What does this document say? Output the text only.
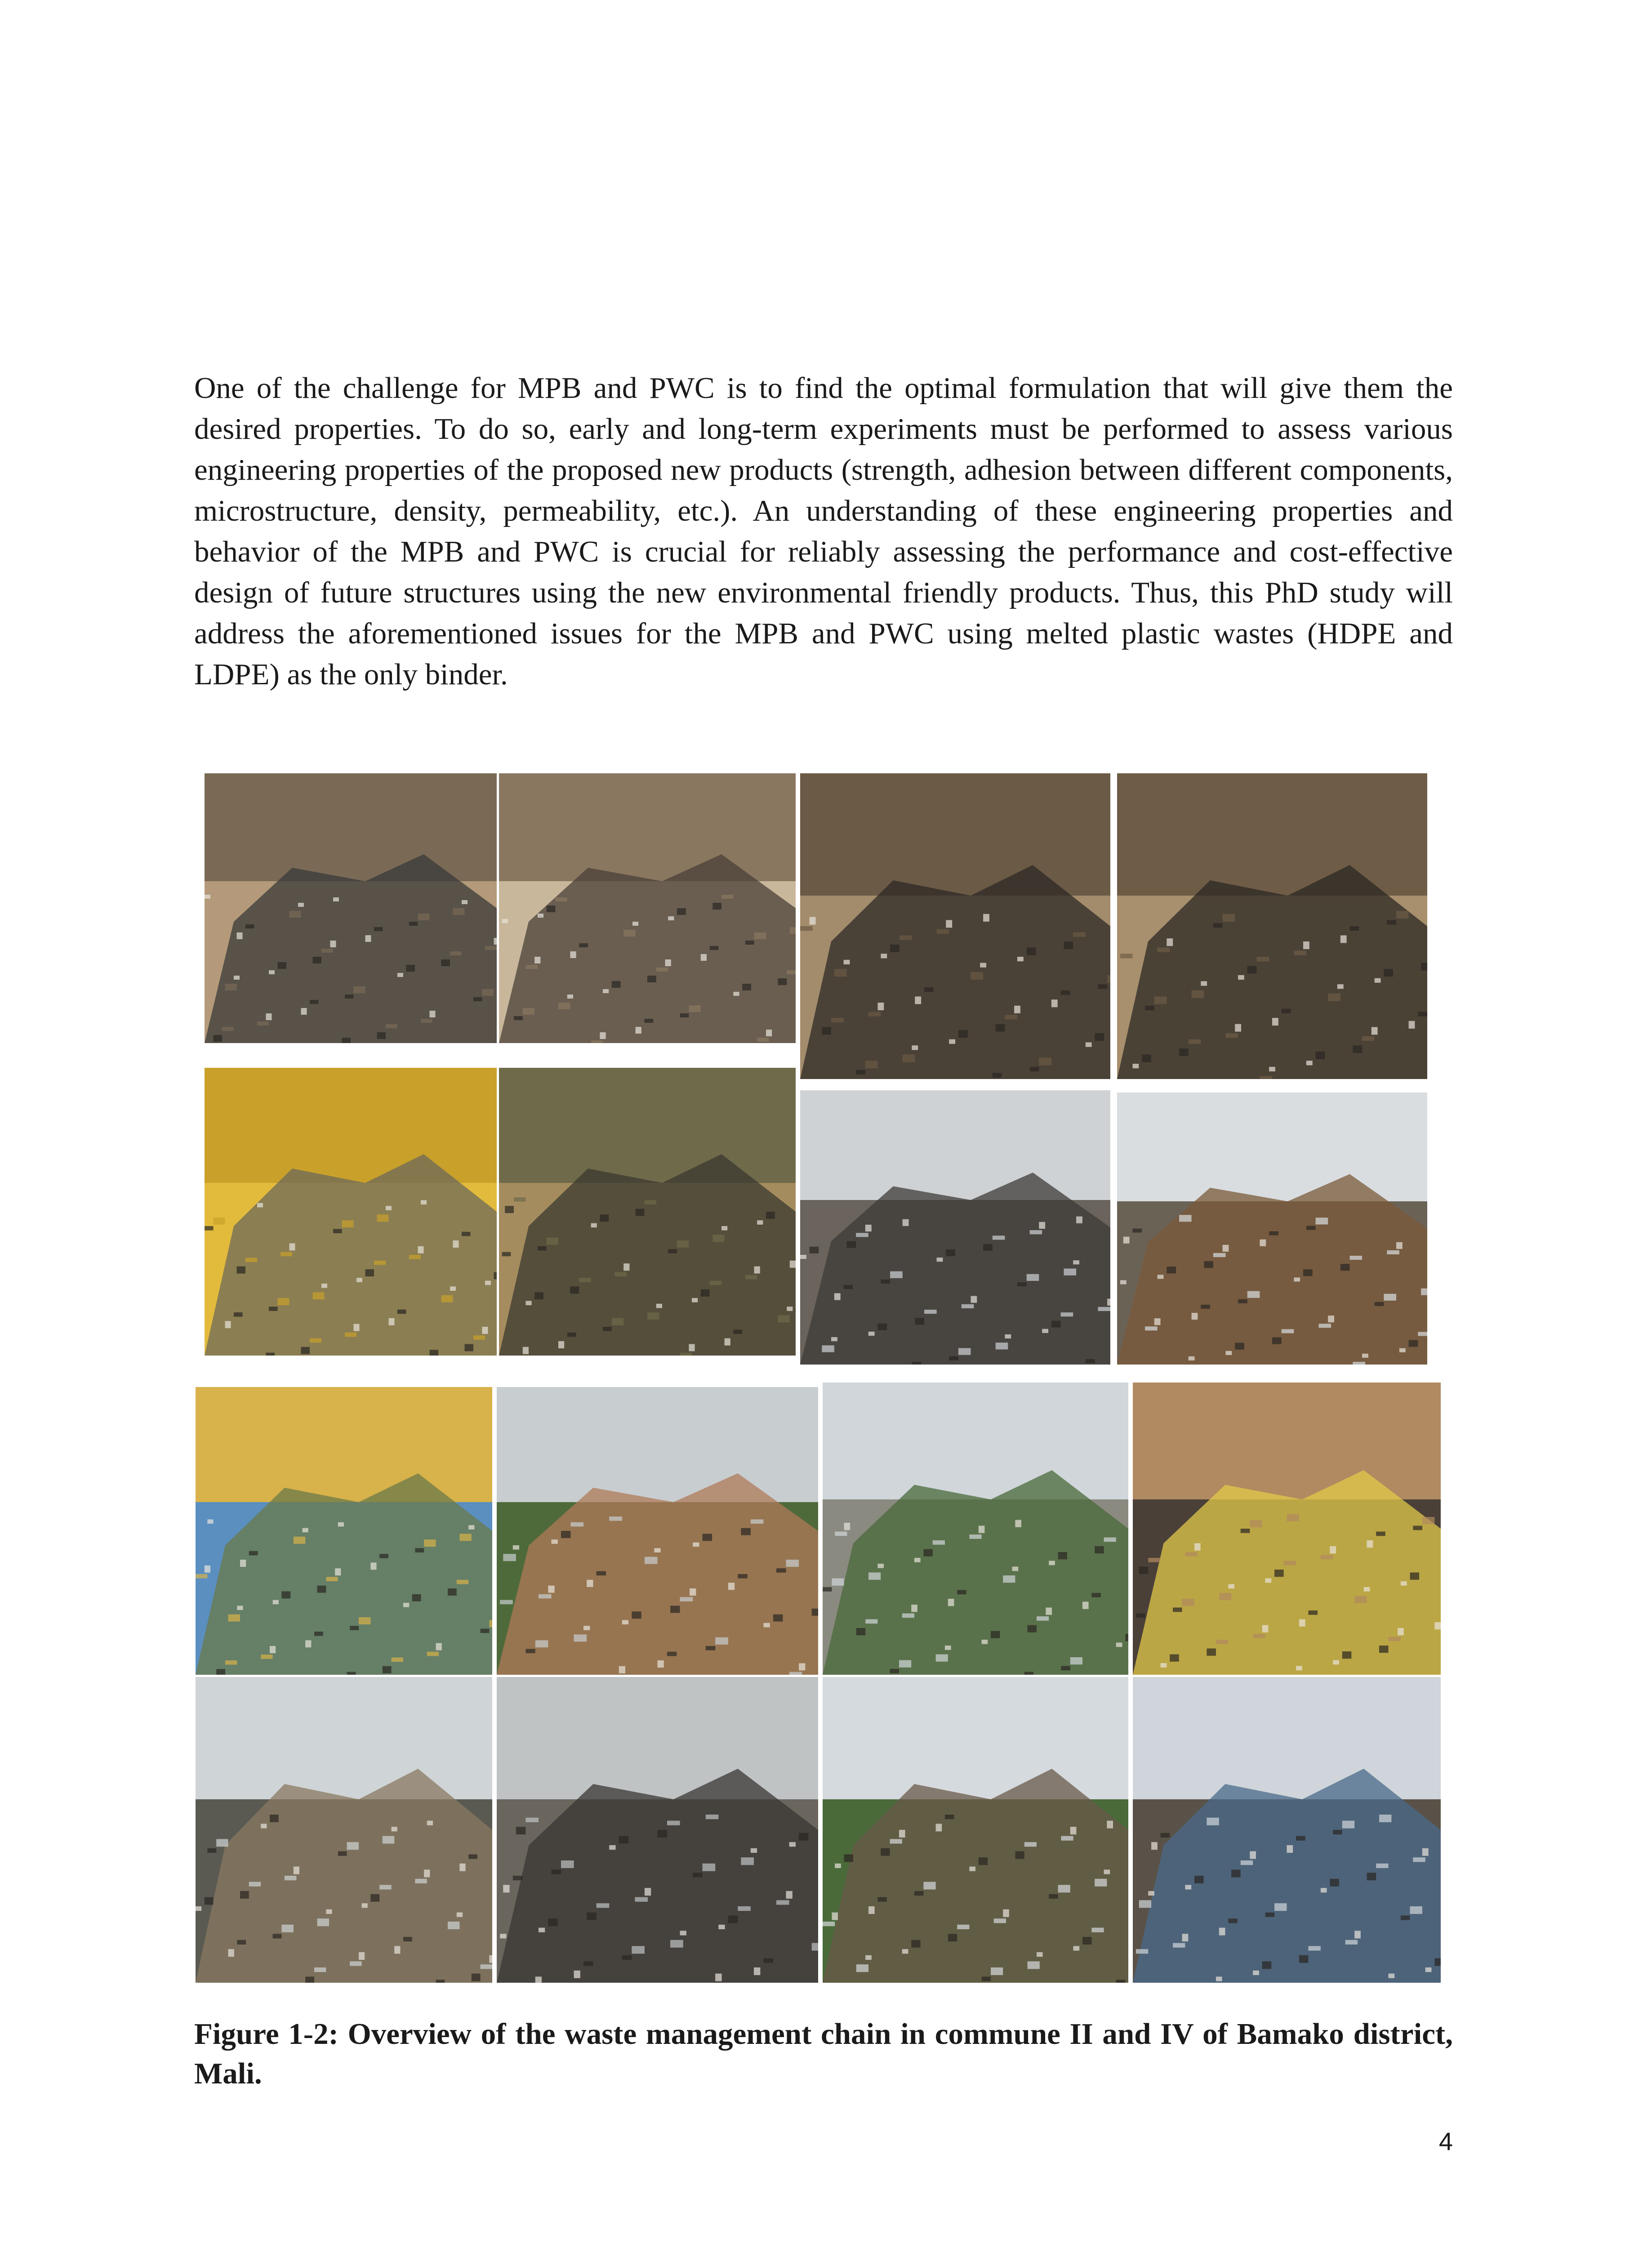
One of the challenge for MPB and PWC is to find the optimal formulation that will give them the desired properties. To do so, early and long-term experiments must be performed to assess various engineering properties of the proposed new products (strength, adhesion between different components, microstructure, density, permeability, etc.). An understanding of these engineering properties and behavior of the MPB and PWC is crucial for reliably assessing the performance and cost-effective design of future structures using the new environmental friendly products. Thus, this PhD study will address the aforementioned issues for the MPB and PWC using melted plastic wastes (HDPE and LDPE) as the only binder.

Figure 1-2: Overview of the waste management chain in commune II and IV of Bamako district, Mali.

4
